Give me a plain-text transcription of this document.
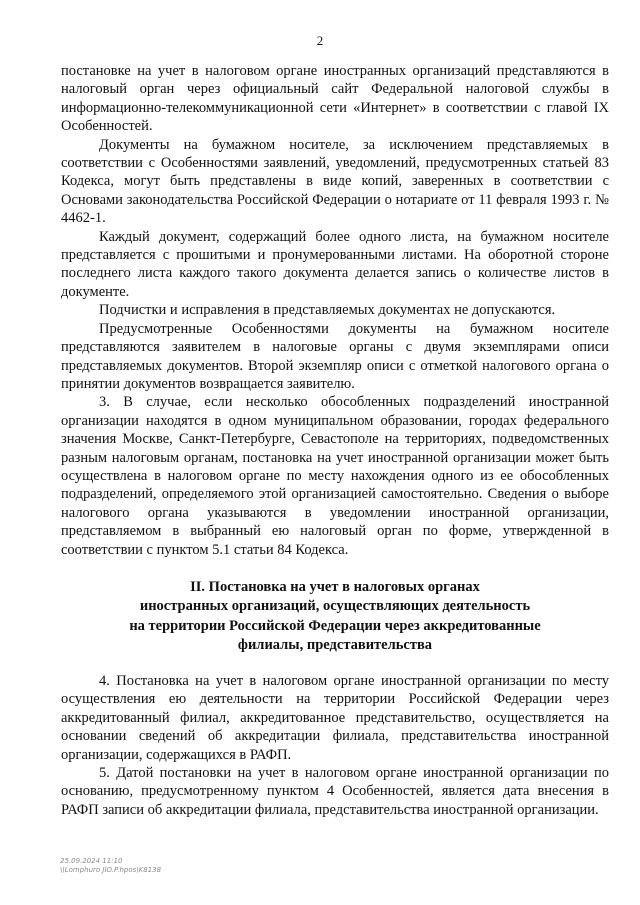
2

постановке на учет в налоговом органе иностранных организаций представляются в налоговый орган через официальный сайт Федеральной налоговой службы в информационно-телекоммуникационной сети «Интернет» в соответствии с главой IX Особенностей.

Документы на бумажном носителе, за исключением представляемых в соответствии с Особенностями заявлений, уведомлений, предусмотренных статьей 83 Кодекса, могут быть представлены в виде копий, заверенных в соответствии с Основами законодательства Российской Федерации о нотариате от 11 февраля 1993 г. № 4462-1.

Каждый документ, содержащий более одного листа, на бумажном носителе представляется с прошитыми и пронумерованными листами. На оборотной стороне последнего листа каждого такого документа делается запись о количестве листов в документе.

Подчистки и исправления в представляемых документах не допускаются.

Предусмотренные Особенностями документы на бумажном носителе представляются заявителем в налоговые органы с двумя экземплярами описи представляемых документов. Второй экземпляр описи с отметкой налогового органа о принятии документов возвращается заявителю.

3. В случае, если несколько обособленных подразделений иностранной организации находятся в одном муниципальном образовании, городах федерального значения Москве, Санкт-Петербурге, Севастополе на территориях, подведомственных разным налоговым органам, постановка на учет иностранной организации может быть осуществлена в налоговом органе по месту нахождения одного из ее обособленных подразделений, определяемого этой организацией самостоятельно. Сведения о выборе налогового органа указываются в уведомлении иностранной организации, представляемом в выбранный ею налоговый орган по форме, утвержденной в соответствии с пунктом 5.1 статьи 84 Кодекса.

II. Постановка на учет в налоговых органах
иностранных организаций, осуществляющих деятельность
на территории Российской Федерации через аккредитованные
филиалы, представительства

4. Постановка на учет в налоговом органе иностранной организации по месту осуществления ею деятельности на территории Российской Федерации через аккредитованный филиал, аккредитованное представительство, осуществляется на основании сведений об аккредитации филиала, представительства иностранной организации, содержащихся в РАФП.

5. Датой постановки на учет в налоговом органе иностранной организации по основанию, предусмотренному пунктом 4 Особенностей, является дата внесения в РАФП записи об аккредитации филиала, представительства иностранной организации.

25.09.2024 11:10
\\Lomphuro JIO.P.hpos\K8138
